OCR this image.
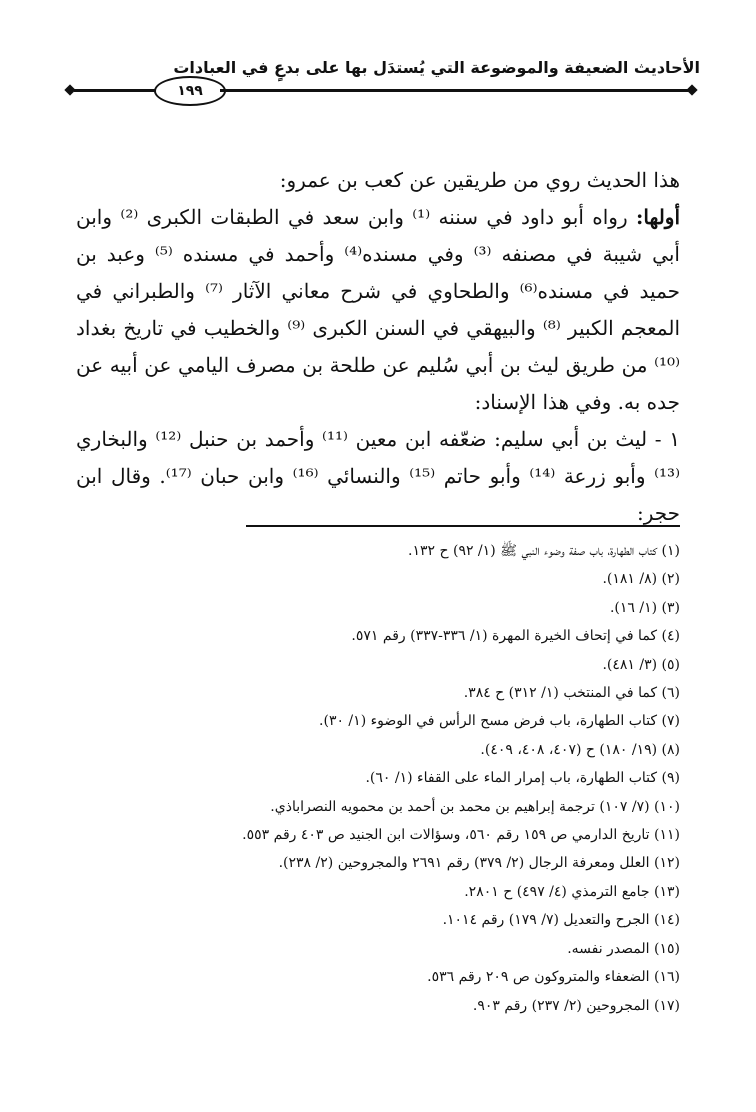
الأحاديث الضعيفة والموضوعة التي يُستدَل بها على بدعٍ في العبادات
١٩٩

هذا الحديث روي من طريقين عن كعب بن عمرو:

أولها: رواه أبو داود في سننه ⁽¹⁾ وابن سعد في الطبقات الكبرى ⁽²⁾ وابن أبي شيبة في مصنفه ⁽³⁾ وفي مسنده⁽⁴⁾ وأحمد في مسنده ⁽⁵⁾ وعبد بن حميد في مسنده⁽⁶⁾ والطحاوي في شرح معاني الآثار ⁽⁷⁾ والطبراني في المعجم الكبير ⁽⁸⁾ والبيهقي في السنن الكبرى ⁽⁹⁾ والخطيب في تاريخ بغداد ⁽¹⁰⁾ من طريق ليث بن أبي سُليم عن طلحة بن مصرف اليامي عن أبيه عن جده به. وفي هذا الإسناد:

١ - ليث بن أبي سليم: ضعّفه ابن معين ⁽¹¹⁾ وأحمد بن حنبل ⁽¹²⁾ والبخاري ⁽¹³⁾ وأبو زرعة ⁽¹⁴⁾ وأبو حاتم ⁽¹⁵⁾ والنسائي ⁽¹⁶⁾ وابن حبان ⁽¹⁷⁾. وقال ابن حجر:

(١) كتاب الطهارة، باب صفة وضوء النبي ﷺ (١/ ٩٢) ح ١٣٢.

(٢) (٨/ ١٨١).

(٣) (١/ ١٦).

(٤) كما في إتحاف الخيرة المهرة (١/ ٣٣٦-٣٣٧) رقم ٥٧١.

(٥) (٣/ ٤٨١).

(٦) كما في المنتخب (١/ ٣١٢) ح ٣٨٤.

(٧) كتاب الطهارة، باب فرض مسح الرأس في الوضوء (١/ ٣٠).

(٨) (١٩/ ١٨٠) ح (٤٠٧، ٤٠٨، ٤٠٩).

(٩) كتاب الطهارة، باب إمرار الماء على القفاء (١/ ٦٠).

(١٠) (٧/ ١٠٧) ترجمة إبراهيم بن محمد بن أحمد بن محمويه النصراباذي.

(١١) تاريخ الدارمي ص ١٥٩ رقم ٥٦٠، وسؤالات ابن الجنيد ص ٤٠٣ رقم ٥٥٣.

(١٢) العلل ومعرفة الرجال (٢/ ٣٧٩) رقم ٢٦٩١ والمجروحين (٢/ ٢٣٨).

(١٣) جامع الترمذي (٤/ ٤٩٧) ح ٢٨٠١.

(١٤) الجرح والتعديل (٧/ ١٧٩) رقم ١٠١٤.

(١٥) المصدر نفسه.

(١٦) الضعفاء والمتروكون ص ٢٠٩ رقم ٥٣٦.

(١٧) المجروحين (٢/ ٢٣٧) رقم ٩٠٣.
